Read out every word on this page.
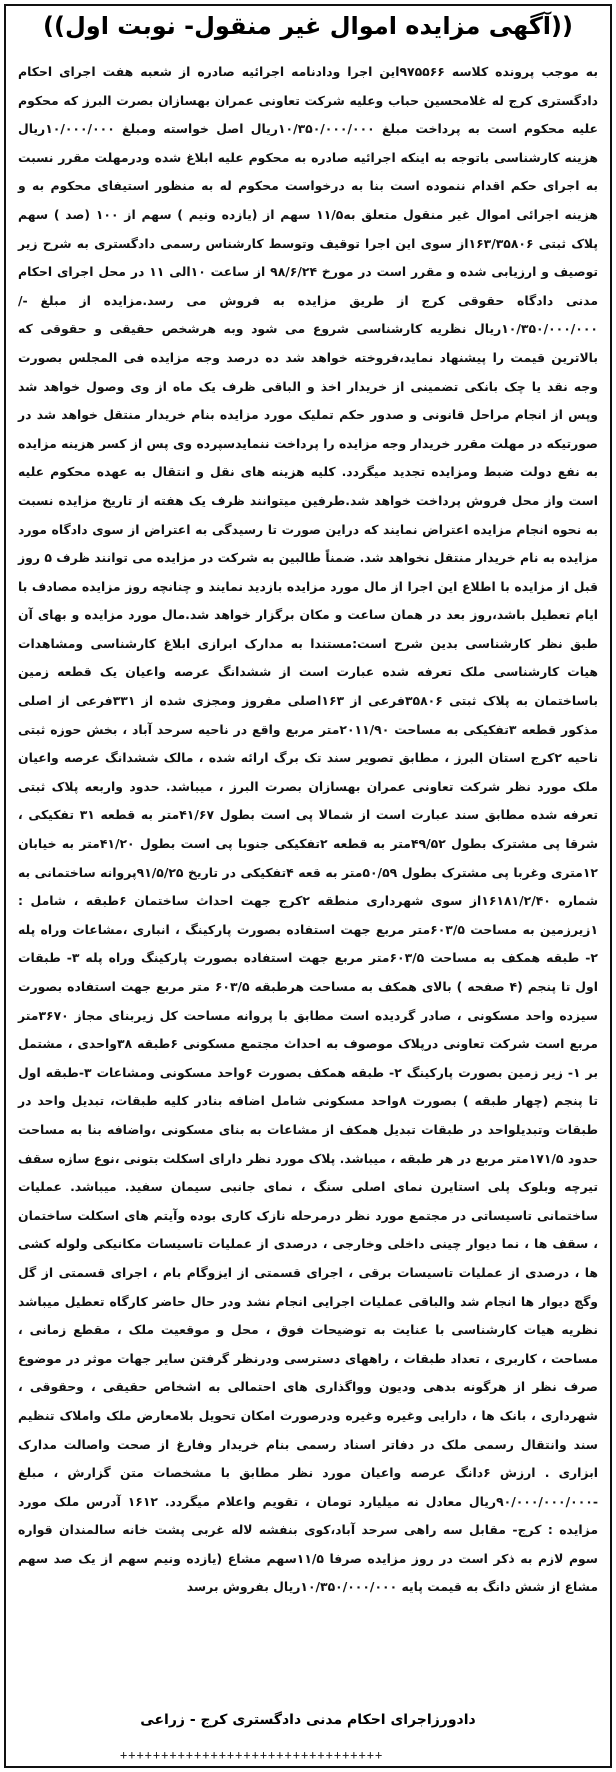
((آگهی مزایده اموال غیر منقول- نوبت اول))

به موجب پرونده کلاسه ۹۷۵۵۶۶این اجرا ودادنامه اجرائیه صادره از شعبه هفت اجرای احکام دادگستری کرج له غلامحسین حباب وعلیه شرکت تعاونی عمران بهسازان بصرت البرز که محکوم علیه محکوم است به پرداخت مبلغ ۱۰/۳۵۰/۰۰۰/۰۰۰ریال اصل خواسته ومبلغ ۱۰/۰۰۰/۰۰۰ریال هزینه کارشناسی باتوجه به اینکه اجرائیه صادره به محکوم علیه ابلاغ شده ودرمهلت مقرر نسبت به اجرای حکم اقدام ننموده است بنا به درخواست محکوم له به منظور استیفای محکوم به و هزینه اجرائی اموال غیر منقول متعلق به۱۱/۵ سهم از (یازده ونیم ) سهم از ۱۰۰ (صد ) سهم پلاک ثبتی ۱۶۳/۳۵۸۰۶از سوی این اجرا توقیف وتوسط کارشناس رسمی دادگستری به شرح زیر توصیف و ارزیابی شده و مقرر است در مورخ ۹۸/۶/۲۴ از ساعت ۱۰الی ۱۱ در محل اجرای احکام مدنی دادگاه حقوقی کرج از طریق مزایده به فروش می رسد.مزایده از مبلغ -/۱۰/۳۵۰/۰۰۰/۰۰۰ریال نظریه کارشناسی شروع می شود وبه هرشخص حقیقی و حقوقی که بالاترین قیمت را پیشنهاد نماید،فروخته خواهد شد ده درصد وجه مزایده فی المجلس بصورت وجه نقد یا چک بانکی تضمینی از خریدار اخذ و الباقی ظرف یک ماه از وی وصول خواهد شد وپس از انجام مراحل قانونی و صدور حکم تملیک مورد مزایده بنام خریدار منتقل خواهد شد در صورتیکه در مهلت مقرر خریدار وجه مزایده را پرداخت ننمایدسپرده وی پس از کسر هزینه مزایده به نفع دولت ضبط ومزایده تجدید میگردد. کلیه هزینه های نقل و انتقال به عهده محکوم علیه است واز محل فروش پرداخت خواهد شد.طرفین میتوانند ظرف یک هفته از تاریخ مزایده نسبت به نحوه انجام مزایده اعتراض نمایند که دراین صورت تا رسیدگی به اعتراض از سوی دادگاه مورد مزایده به نام خریدار منتقل نخواهد شد. ضمناً طالبین به شرکت در مزایده می توانند ظرف ۵ روز قبل از مزایده با اطلاع این اجرا از مال مورد مزایده بازدید نمایند و چنانچه روز مزایده مصادف با ایام تعطیل باشد،روز بعد در همان ساعت و مکان برگزار خواهد شد.مال مورد مزایده و بهای آن طبق نظر کارشناسی بدین شرح است:مستندا به مدارک ابرازی ابلاغ کارشناسی ومشاهدات هیات کارشناسی ملک تعرفه شده عبارت است از ششدانگ عرصه واعیان یک قطعه زمین باساختمان به پلاک ثبتی ۳۵۸۰۶فرعی از ۱۶۳اصلی مفروز ومجزی شده از ۳۳۱فرعی از اصلی مذکور قطعه ۳تفکیکی به مساحت ۲۰۱۱/۹۰متر مربع واقع در ناحیه سرحد آباد ، بخش حوزه ثبتی ناحیه ۲کرج استان البرز ، مطابق تصویر سند تک برگ ارائه شده ، مالک ششدانگ عرصه واعیان ملک مورد نظر شرکت تعاونی عمران بهسازان بصرت البرز ، میباشد. حدود واربعه پلاک ثبتی تعرفه شده مطابق سند عبارت است از شمالا پی است بطول ۴۱/۶۷متر به قطعه ۳۱ تفکیکی ، شرقا پی مشترک بطول ۴۹/۵۲متر به قطعه ۲تفکیکی جنوبا پی است بطول ۴۱/۲۰متر به خیابان ۱۲متری وغربا پی مشترک بطول ۵۰/۵۹متر به قعه ۴تفکیکی در تاریخ ۹۱/۵/۲۵پروانه ساختمانی به شماره ۱۶۱۸۱/۲/۴۰از سوی شهرداری منطقه ۲کرج جهت احداث ساختمان ۶طبقه ، شامل : ۱زیرزمین به مساحت ۶۰۳/۵متر مربع جهت استفاده بصورت پارکینگ ، انباری ،مشاعات وراه پله ۲- طبقه همکف به مساحت ۶۰۳/۵متر مربع جهت استفاده بصورت پارکینگ وراه پله ۳- طبقات اول تا پنجم (۴ صفحه ) بالای همکف به مساحت هرطبقه ۶۰۳/۵ متر مربع جهت استفاده بصورت سیزده واحد مسکونی ، صادر گردیده است مطابق با پروانه مساحت کل زیربنای مجاز ۳۶۷۰متر مربع است شرکت تعاونی درپلاک موصوف به احداث مجتمع مسکونی ۶طبقه ۳۸واحدی ، مشتمل بر ۱- زیر زمین بصورت پارکینگ ۲- طبقه همکف بصورت ۶واحد مسکونی ومشاعات ۳-طبقه اول تا پنجم (چهار طبقه ) بصورت ۸واحد مسکونی شامل اضافه بنادر کلیه طبقات، تبدیل واحد در طبقات وتبدیلواحد در طبقات تبدیل همکف از مشاعات به بنای مسکونی ،واضافه بنا به مساحت حدود ۱۷۱/۵متر مربع در هر طبقه ، میباشد. پلاک مورد نظر دارای اسکلت بتونی ،نوع سازه سقف تیرچه وبلوک پلی استایرن نمای اصلی سنگ ، نمای جانبی سیمان سفید. میباشد. عملیات ساختمانی تاسیساتی در مجتمع مورد نظر درمرحله نازک کاری بوده وآیتم های اسکلت ساختمان ، سقف ها ، نما دیوار چینی داخلی وخارجی ، درصدی از عملیات تاسیسات مکانیکی ولوله کشی ها ، درصدی از عملیات تاسیسات برقی ، اجرای قسمتی از ایزوگام بام ، اجرای قسمتی از گل وگچ دیوار ها انجام شد والباقی عملیات اجرایی انجام نشد ودر حال حاضر کارگاه تعطیل میباشد نظریه هیات کارشناسی با عنایت به توضیحات فوق ، محل و موقعیت ملک ، مقطع زمانی ، مساحت ، کاربری ، تعداد طبقات ، راههای دسترسی ودرنظر گرفتن سایر جهات موثر در موضوع صرف نظر از هرگونه بدهی ودیون وواگذاری های احتمالی به اشخاص حقیقی ، وحقوقی ، شهرداری ، بانک ها ، دارایی وغیره وغیره ودرصورت امکان تحویل بلامعارض ملک واملاک تنظیم سند وانتقال رسمی ملک در دفاتر اسناد رسمی بنام خریدار وفارغ از صحت واصالت مدارک ابزاری . ارزش ۶دانگ عرصه واعیان مورد نظر مطابق با مشخصات متن گزارش ، مبلغ -۹۰/۰۰۰/۰۰۰/۰۰۰ریال معادل نه میلیارد تومان ، تقویم واعلام میگردد. ۱۶۱۲ آدرس ملک مورد مزایده : کرج- مقابل سه راهی سرحد آباد،کوی بنفشه لاله غربی پشت خانه سالمندان قواره سوم لازم به ذکر است در روز مزایده صرفا ۱۱/۵سهم مشاع (یازده ونیم سهم از یک صد سهم مشاع از شش دانگ به قیمت پایه ۱۰/۳۵۰/۰۰۰/۰۰۰ریال بفروش برسد

دادورزاجرای احکام مدنی دادگستری کرج - زراعی
++++++++++++++++++++++++++++++++
